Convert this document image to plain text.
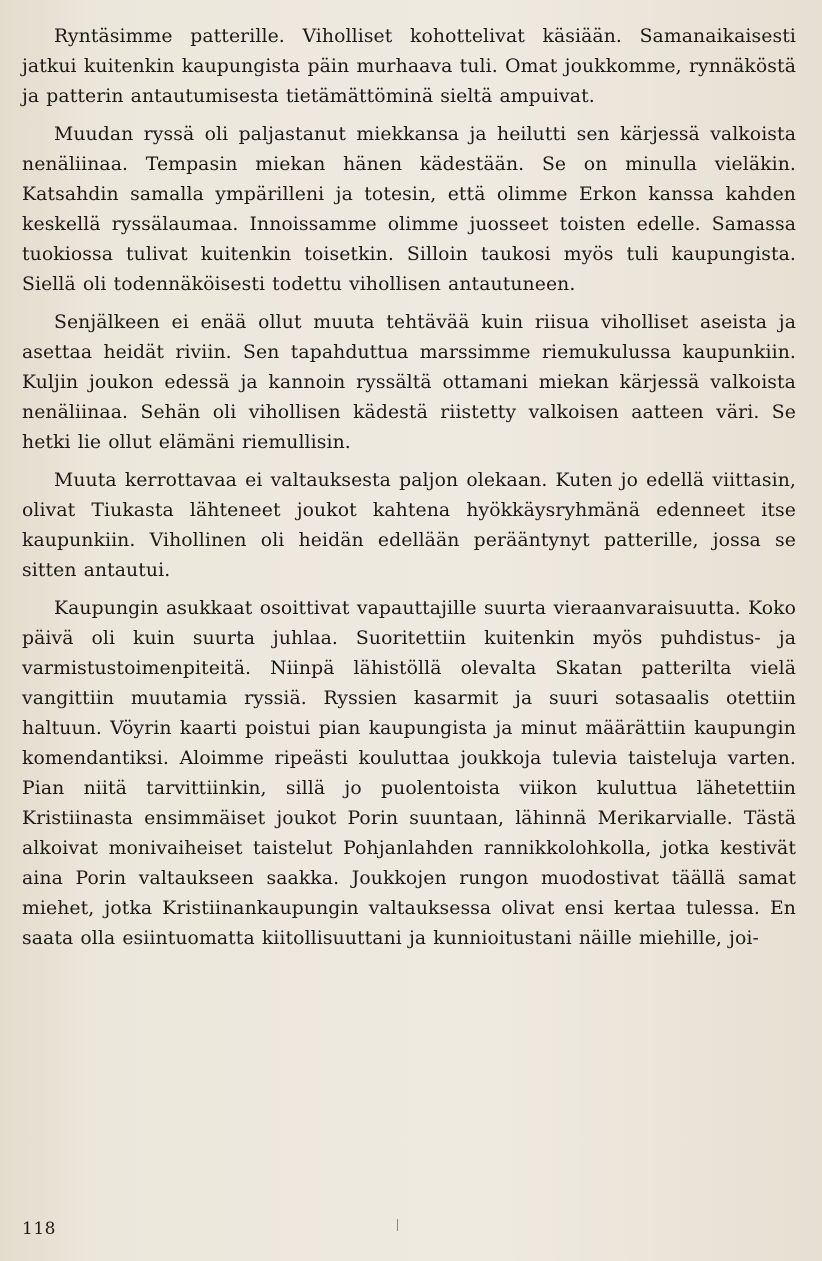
Ryntäsimme patterille. Viholliset kohottelivat käsiään. Samanaikaisesti jatkui kuitenkin kaupungista päin murhaava tuli. Omat joukkomme, rynnäköstä ja patterin antautumisesta tietämättöminä sieltä ampuivat.

Muudan ryssä oli paljastanut miekkansa ja heilutti sen kärjessä valkoista nenäliinaa. Tempasin miekan hänen kädestään. Se on minulla vieläkin. Katsahdin samalla ympärilleni ja totesin, että olimme Erkon kanssa kahden keskellä ryssälaumaa. Innoissamme olimme juosseet toisten edelle. Samassa tuokiossa tulivat kuitenkin toisetkin. Silloin taukosi myös tuli kaupungista. Siellä oli todennäköisesti todettu vihollisen antautuneen.

Senjälkeen ei enää ollut muuta tehtävää kuin riisua viholliset aseista ja asettaa heidät riviin. Sen tapahduttua marssimme riemukulussa kaupunkiin. Kuljin joukon edessä ja kannoin ryssältä ottamani miekan kärjessä valkoista nenäliinaa. Sehän oli vihollisen kädestä riistetty valkoisen aatteen väri. Se hetki lie ollut elämäni riemullisin.

Muuta kerrottavaa ei valtauksesta paljon olekaan. Kuten jo edellä viittasin, olivat Tiukasta lähteneet joukot kahtena hyökkäysryhmänä edenneet itse kaupunkiin. Vihollinen oli heidän edellään perääntynyt patterille, jossa se sitten antautui.

Kaupungin asukkaat osoittivat vapauttajille suurta vieraanvaraisuutta. Koko päivä oli kuin suurta juhlaa. Suoritettiin kuitenkin myös puhdistus- ja varmistustoimenpiteitä. Niinpä lähistöllä olevalta Skatan patterilta vielä vangittiin muutamia ryssiä. Ryssien kasarmit ja suuri sotasaalis otettiin haltuun. Vöyrin kaarti poistui pian kaupungista ja minut määrättiin kaupungin komendantiksi. Aloimme ripeästi kouluttaa joukkoja tulevia taisteluja varten. Pian niitä tarvittiinkin, sillä jo puolentoista viikon kuluttua lähetettiin Kristiinasta ensimmäiset joukot Porin suuntaan, lähinnä Merikarvialle. Tästä alkoivat monivaiheiset taistelut Pohjanlahden rannikkolohkolla, jotka kestivät aina Porin valtaukseen saakka. Joukkojen rungon muodostivat täällä samat miehet, jotka Kristiinankaupungin valtauksessa olivat ensi kertaa tulessa. En saata olla esiintuomatta kiitollisuuttani ja kunnioitustani näille miehille, joi-

118
